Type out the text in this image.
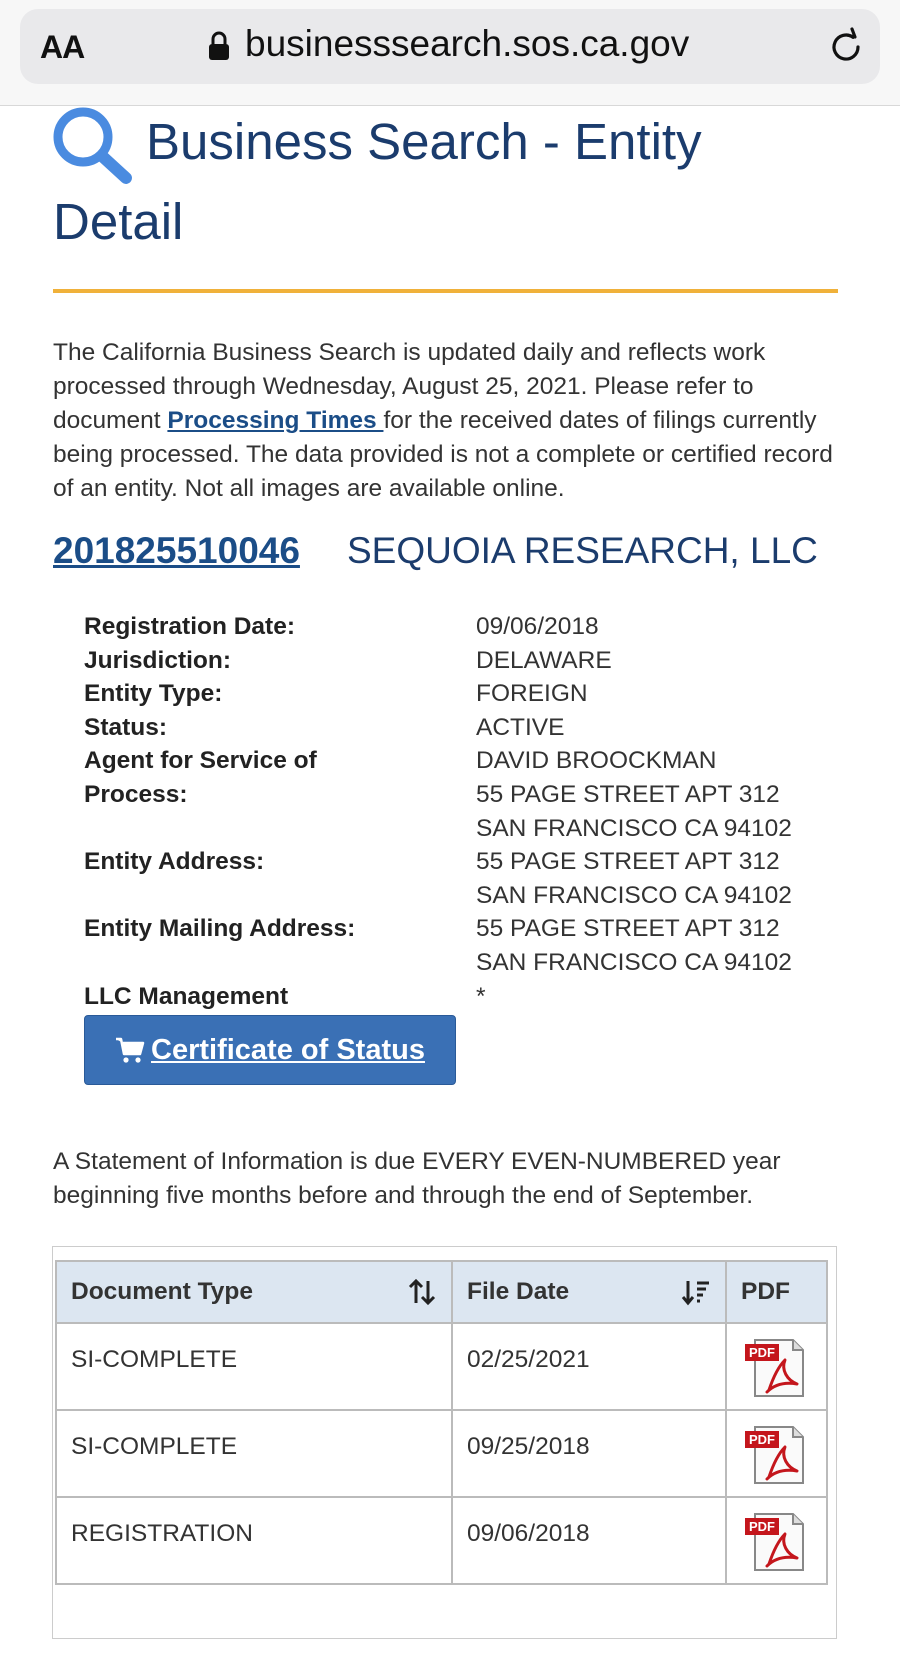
AA	businesssearch.sos.ca.gov
Business Search - Entity Detail

The California Business Search is updated daily and reflects work processed through Wednesday, August 25, 2021. Please refer to document Processing Times for the received dates of filings currently being processed. The data provided is not a complete or certified record of an entity. Not all images are available online.

201825510046 SEQUOIA RESEARCH, LLC
Registration Date:	09/06/2018
Jurisdiction:	DELAWARE
Entity Type:	FOREIGN
Status:	ACTIVE
Agent for Service of Process:
DAVID BROOCKMAN
55 PAGE STREET APT 312
SAN FRANCISCO CA 94102
Entity Address:	55 PAGE STREET APT 312
SAN FRANCISCO CA 94102
Entity Mailing Address:	55 PAGE STREET APT 312
SAN FRANCISCO CA 94102
LLC Management	*
Certificate of Status

A Statement of Information is due EVERY EVEN-NUMBERED year beginning five months before and through the end of September.

Document Type	File Date	PDF
SI-COMPLETE	02/25/2021	PDF

SI-COMPLETE	09/25/2018	PDF

REGISTRATION	09/06/2018	PDF
